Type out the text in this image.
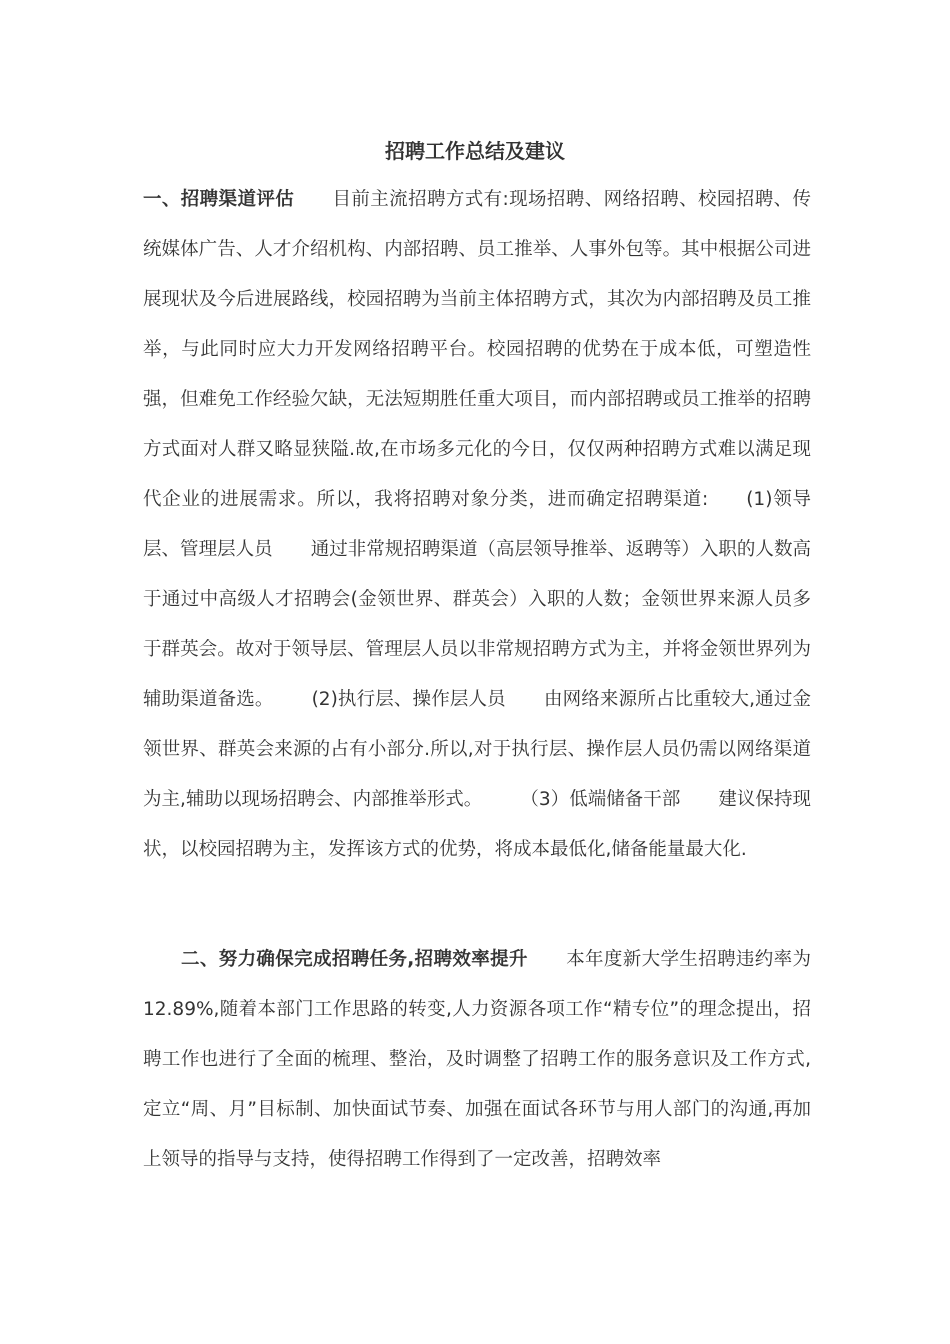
招聘工作总结及建议

一、招聘渠道评估 目前主流招聘方式有:现场招聘、网络招聘、校园招聘、传统媒体广告、人才介绍机构、内部招聘、员工推举、人事外包等。其中根据公司进展现状及今后进展路线，校园招聘为当前主体招聘方式，其次为内部招聘及员工推举，与此同时应大力开发网络招聘平台。校园招聘的优势在于成本低，可塑造性强，但难免工作经验欠缺，无法短期胜任重大项目，而内部招聘或员工推举的招聘方式面对人群又略显狭隘.故,在市场多元化的今日，仅仅两种招聘方式难以满足现代企业的进展需求。所以，我将招聘对象分类，进而确定招聘渠道: (1)领导层、管理层人员 通过非常规招聘渠道（高层领导推举、返聘等）入职的人数高于通过中高级人才招聘会(金领世界、群英会）入职的人数；金领世界来源人员多于群英会。故对于领导层、管理层人员以非常规招聘方式为主，并将金领世界列为辅助渠道备选。 (2)执行层、操作层人员 由网络来源所占比重较大,通过金领世界、群英会来源的占有小部分.所以,对于执行层、操作层人员仍需以网络渠道为主,辅助以现场招聘会、内部推举形式。 （3）低端储备干部 建议保持现状，以校园招聘为主，发挥该方式的优势，将成本最低化,储备能量最大化.

二、努力确保完成招聘任务,招聘效率提升 本年度新大学生招聘违约率为 12.89%,随着本部门工作思路的转变,人力资源各项工作“精专位”的理念提出，招聘工作也进行了全面的梳理、整治，及时调整了招聘工作的服务意识及工作方式,定立“周、月”目标制、加快面试节奏、加强在面试各环节与用人部门的沟通,再加上领导的指导与支持，使得招聘工作得到了一定改善，招聘效率
